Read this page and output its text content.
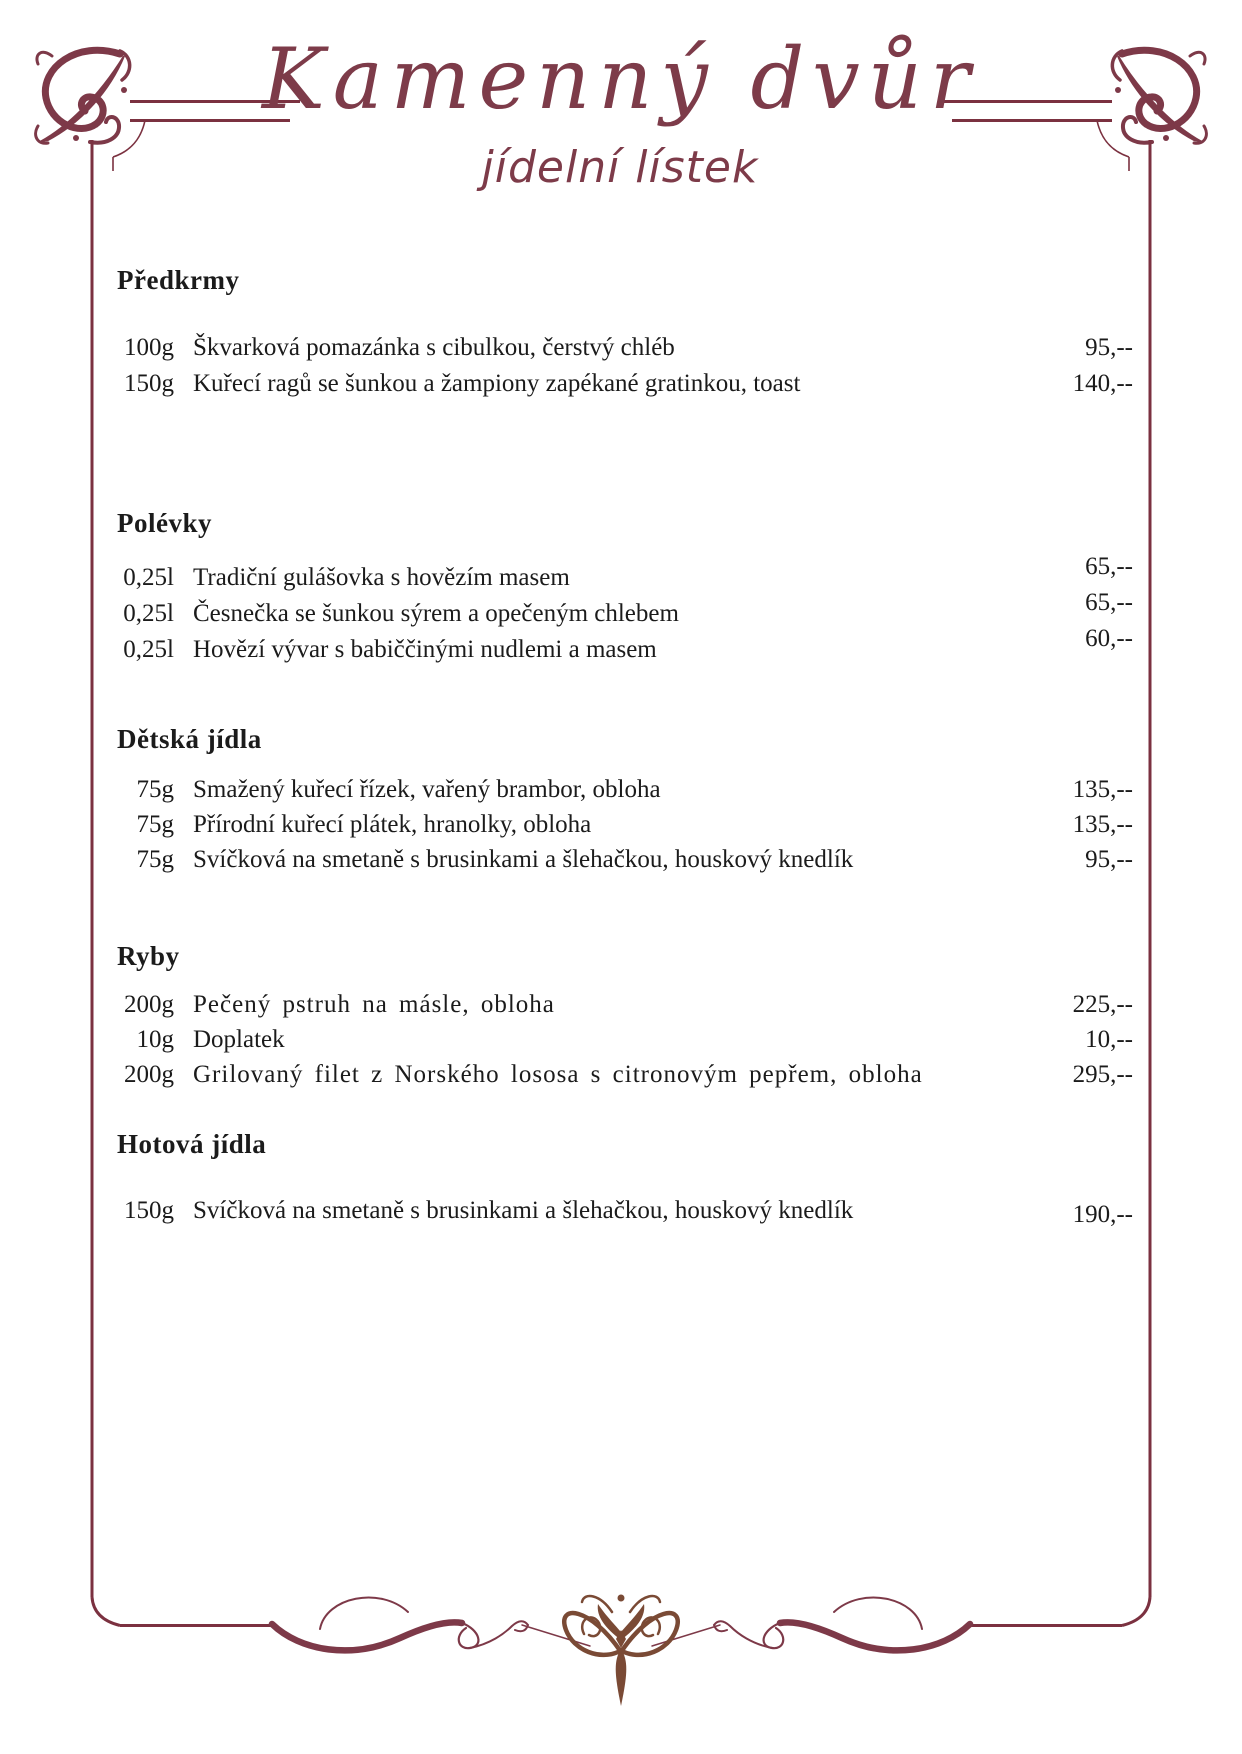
Kamenný dvůr
jídelní lístek
Předkrmy
100g Škvarková pomazánka s cibulkou, čerstvý chléb	95,--
150g Kuřecí ragů se šunkou a žampiony zapékané gratinkou, toast	140,--
Polévky
0,25l Tradiční gulášovka s hovězím masem	65,--
0,25l Česnečka se šunkou sýrem a opečeným chlebem	65,--
0,25l Hovězí vývar s babiččinými nudlemi a masem	60,--
Dětská jídla
75g Smažený kuřecí řízek, vařený brambor, obloha	135,--
75g Přírodní kuřecí plátek, hranolky, obloha	135,--
75g Svíčková na smetaně s brusinkami a šlehačkou, houskový knedlík	95,--
Ryby
200g Pečený pstruh na másle, obloha	225,--
10g Doplatek	10,--
200g Grilovaný filet z Norského lososa s citronovým pepřem, obloha	295,--
Hotová jídla
150g Svíčková na smetaně s brusinkami a šlehačkou, houskový knedlík	190,--
